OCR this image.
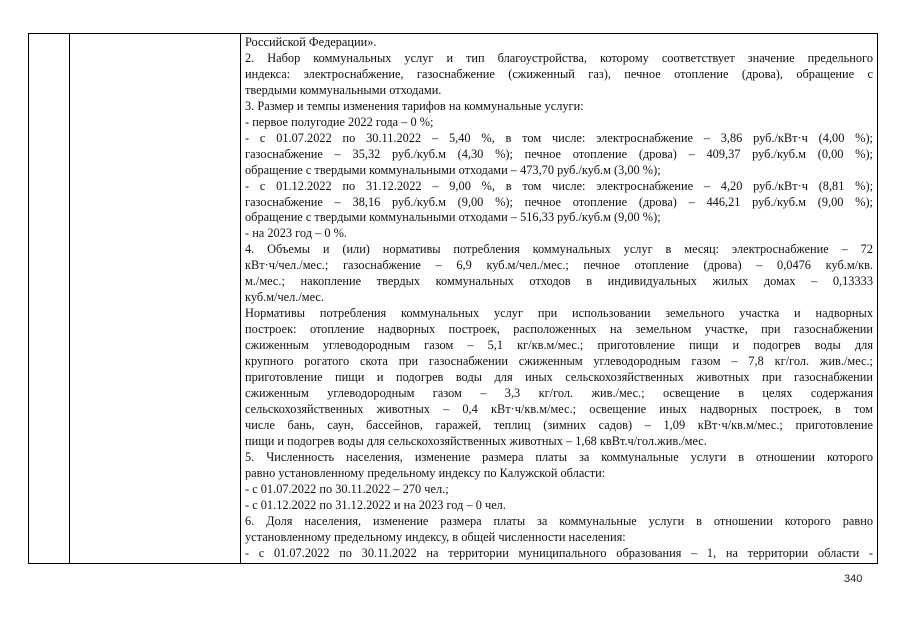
Российской Федерации».
2. Набор коммунальных услуг и тип благоустройства, которому соответствует значение предельного
индекса: электроснабжение, газоснабжение (сжиженный газ), печное отопление (дрова), обращение с
твердыми коммунальными отходами.
3. Размер и темпы изменения тарифов на коммунальные услуги:
- первое полугодие 2022 года – 0 %;
- с 01.07.2022 по 30.11.2022 – 5,40 %, в том числе: электроснабжение – 3,86 руб./кВт·ч (4,00 %);
газоснабжение – 35,32 руб./куб.м (4,30 %); печное отопление (дрова) – 409,37 руб./куб.м (0,00 %);
обращение с твердыми коммунальными отходами – 473,70 руб./куб.м (3,00 %);
- с 01.12.2022 по 31.12.2022 – 9,00 %, в том числе: электроснабжение – 4,20 руб./кВт·ч (8,81 %);
газоснабжение – 38,16 руб./куб.м (9,00 %); печное отопление (дрова) – 446,21 руб./куб.м (9,00 %);
обращение с твердыми коммунальными отходами – 516,33 руб./куб.м (9,00 %);
- на 2023 год – 0 %.
4. Объемы и (или) нормативы потребления коммунальных услуг в месяц: электроснабжение – 72
кВт·ч/чел./мес.; газоснабжение – 6,9 куб.м/чел./мес.; печное отопление (дрова) – 0,0476 куб.м/кв.
м./мес.; накопление твердых коммунальных отходов в индивидуальных жилых домах – 0,13333
куб.м/чел./мес.
Нормативы потребления коммунальных услуг при использовании земельного участка и надворных
построек: отопление надворных построек, расположенных на земельном участке, при газоснабжении
сжиженным углеводородным газом – 5,1 кг/кв.м/мес.; приготовление пищи и подогрев воды для
крупного рогатого скота при газоснабжении сжиженным углеводородным газом – 7,8 кг/гол. жив./мес.;
приготовление пищи и подогрев воды для иных сельскохозяйственных животных при газоснабжении
сжиженным углеводородным газом – 3,3 кг/гол. жив./мес.; освещение в целях содержания
сельскохозяйственных животных – 0,4 кВт·ч/кв.м/мес.; освещение иных надворных построек, в том
числе бань, саун, бассейнов, гаражей, теплиц (зимних садов) – 1,09 кВт·ч/кв.м/мес.; приготовление
пищи и подогрев воды для сельскохозяйственных животных – 1,68 квВт.ч/гол.жив./мес.
5. Численность населения, изменение размера платы за коммунальные услуги в отношении которого
равно установленному предельному индексу по Калужской области:
- с 01.07.2022 по 30.11.2022 – 270 чел.;
- с 01.12.2022 по 31.12.2022 и на 2023 год – 0 чел.
6. Доля населения, изменение размера платы за коммунальные услуги в отношении которого равно
установленному предельному индексу, в общей численности населения:
- с 01.07.2022 по 30.11.2022 на территории муниципального образования – 1, на территории области -
340
